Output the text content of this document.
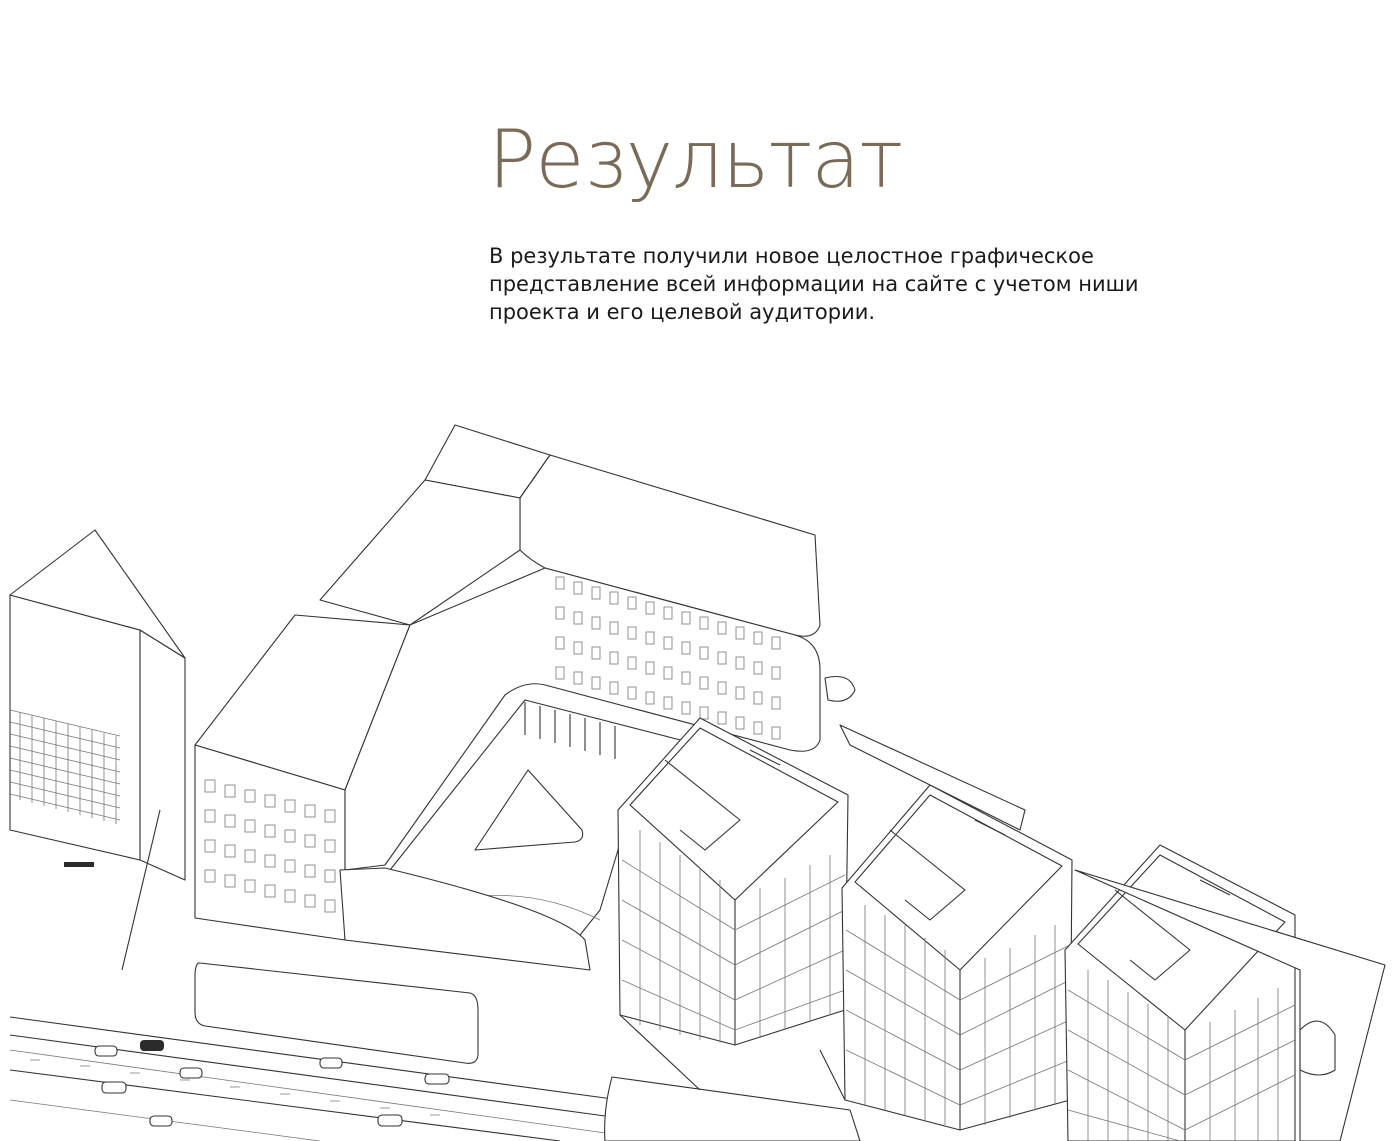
Результат

В результате получили новое целостное графическое представление всей информации на сайте с учетом ниши проекта и его целевой аудитории.
